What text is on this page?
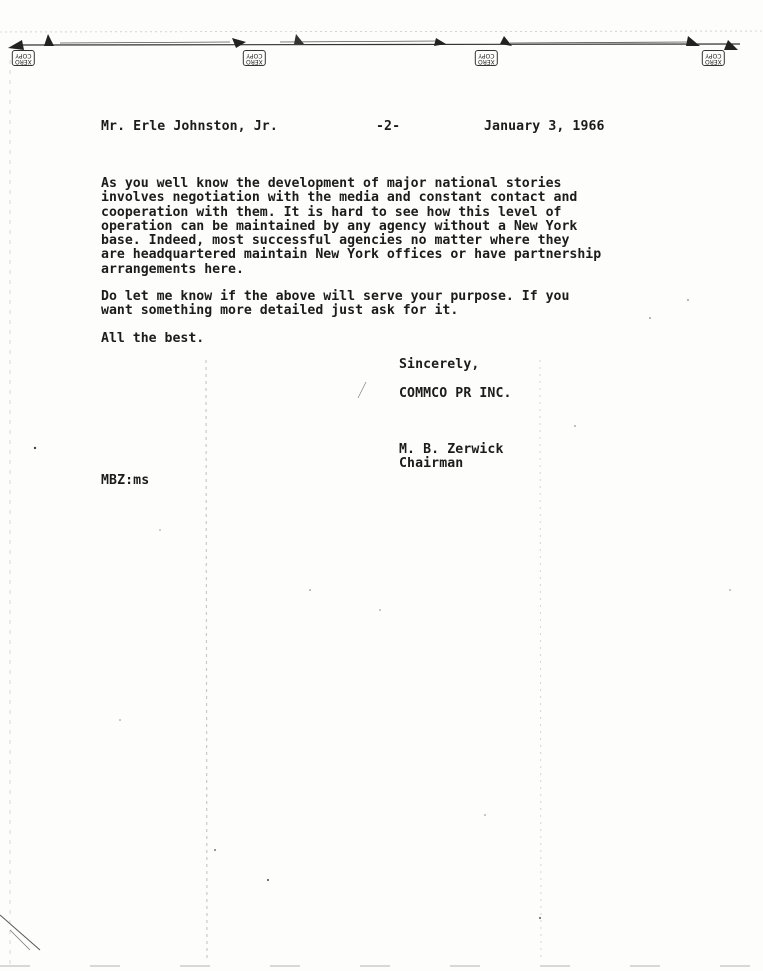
XERO
COPY
XERO
COPY
XERO
COPY
XERO
COPY
Mr. Erle Johnston, Jr.	-2-	January 3, 1966
As you well know the development of major national stories
involves negotiation with the media and constant contact and
cooperation with them. It is hard to see how this level of
operation can be maintained by any agency without a New York
base. Indeed, most successful agencies no matter where they
are headquartered maintain New York offices or have partnership
arrangements here.
Do let me know if the above will serve your purpose. If you
want something more detailed just ask for it.
All the best.
Sincerely,
COMMCO PR INC.
M. B. Zerwick
Chairman
MBZ:ms
